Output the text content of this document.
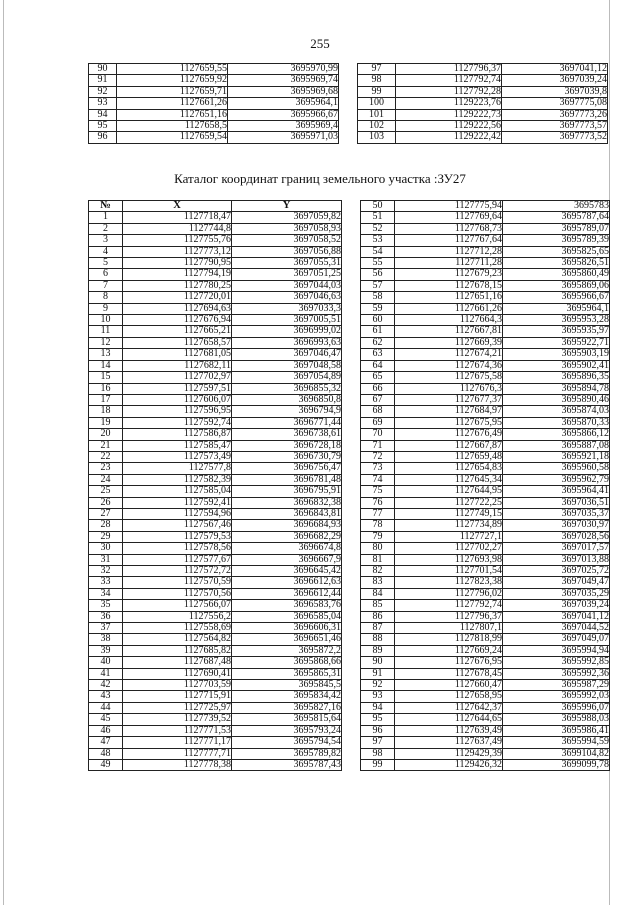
255
90	1127659,55	3695970,99
91	1127659,92	3695969,74
92	1127659,71	3695969,68
93	1127661,26	3695964,1
94	1127651,16	3695966,67
95	1127658,5	3695969,4
96	1127659,54	3695971,03
97	1127796,37	3697041,12
98	1127792,74	3697039,24
99	1127792,28	3697039,8
100	1129223,76	3697775,08
101	1129222,73	3697773,26
102	1129222,56	3697773,57
103	1129222,42	3697773,52
Каталог координат границ земельного участка :ЗУ27
№	X	Y
1	1127718,47	3697059,82
2	1127744,8	3697058,93
3	1127755,76	3697058,52
4	1127773,12	3697056,88
5	1127790,95	3697055,31
6	1127794,19	3697051,25
7	1127780,25	3697044,03
8	1127720,01	3697046,63
9	1127694,63	3697033,3
10	1127676,94	3697005,51
11	1127665,21	3696999,02
12	1127658,57	3696993,63
13	1127681,05	3697046,47
14	1127682,11	3697048,58
15	1127702,97	3697054,89
16	1127597,51	3696855,32
17	1127606,07	3696850,8
18	1127596,95	3696794,9
19	1127592,74	3696771,44
20	1127586,87	3696738,61
21	1127585,47	3696728,18
22	1127573,49	3696730,79
23	1127577,8	3696756,47
24	1127582,39	3696781,48
25	1127585,04	3696795,91
26	1127592,41	3696832,38
27	1127594,96	3696843,81
28	1127567,46	3696684,93
29	1127579,53	3696682,29
30	1127578,56	3696674,8
31	1127577,67	3696667,9
32	1127572,72	3696645,42
33	1127570,59	3696612,63
34	1127570,56	3696612,44
35	1127566,07	3696583,76
36	1127556,2	3696585,04
37	1127558,69	3696606,31
38	1127564,82	3696651,46
39	1127685,82	3695872,2
40	1127687,48	3695868,66
41	1127690,41	3695865,31
42	1127703,59	3695845,5
43	1127715,91	3695834,42
44	1127725,97	3695827,16
45	1127739,52	3695815,64
46	1127771,53	3695793,24
47	1127771,17	3695794,54
48	1127777,71	3695789,82
49	1127778,38	3695787,43
50	1127775,94	3695783
51	1127769,64	3695787,64
52	1127768,73	3695789,07
53	1127767,64	3695789,39
54	1127712,28	3695825,65
55	1127711,28	3695826,51
56	1127679,23	3695860,49
57	1127678,15	3695869,06
58	1127651,16	3695966,67
59	1127661,26	3695964,1
60	1127664,3	3695953,28
61	1127667,81	3695935,97
62	1127669,39	3695922,71
63	1127674,21	3695903,19
64	1127674,36	3695902,41
65	1127675,58	3695896,35
66	1127676,3	3695894,78
67	1127677,37	3695890,46
68	1127684,97	3695874,03
69	1127675,95	3695870,33
70	1127676,49	3695866,12
71	1127667,87	3695887,08
72	1127659,48	3695921,18
73	1127654,83	3695960,58
74	1127645,34	3695962,79
75	1127644,95	3695964,41
76	1127722,25	3697036,51
77	1127749,15	3697035,37
78	1127734,89	3697030,97
79	1127727,1	3697028,56
80	1127702,27	3697017,57
81	1127693,98	3697013,88
82	1127701,54	3697025,72
83	1127823,38	3697049,47
84	1127796,02	3697035,29
85	1127792,74	3697039,24
86	1127796,37	3697041,12
87	1127807,1	3697044,52
88	1127818,99	3697049,07
89	1127669,24	3695994,94
90	1127676,95	3695992,85
91	1127678,45	3695992,36
92	1127660,47	3695987,29
93	1127658,95	3695992,03
94	1127642,37	3695996,07
95	1127644,65	3695988,03
96	1127639,49	3695986,41
97	1127637,49	3695994,59
98	1129429,39	3699104,82
99	1129426,32	3699099,78
